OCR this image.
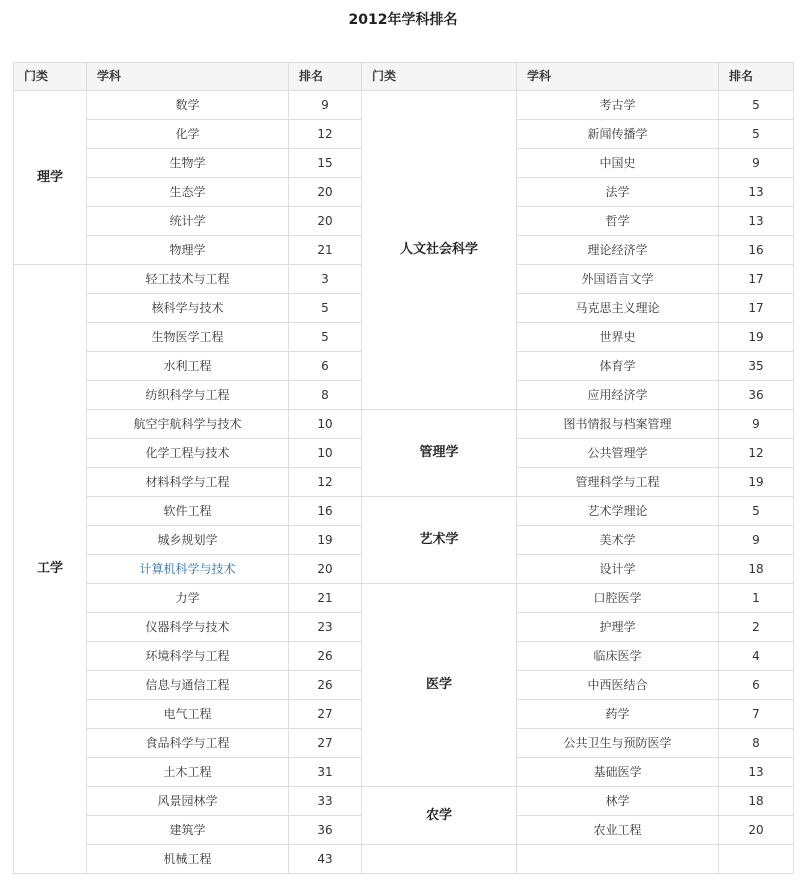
2012年学科排名
门类	学科	排名	门类	学科	排名
理学	数学	9	人文社会科学	考古学	5
	化学	12		新闻传播学	5
	生物学	15		中国史	9
	生态学	20		法学	13
	统计学	20		哲学	13
	物理学	21		理论经济学	16
工学	轻工技术与工程	3		外国语言文学	17
	核科学与技术	5		马克思主义理论	17
	生物医学工程	5		世界史	19
	水利工程	6		体育学	35
	纺织科学与工程	8		应用经济学	36
	航空宇航科学与技术	10	管理学	图书情报与档案管理	9
	化学工程与技术	10		公共管理学	12
	材料科学与工程	12		管理科学与工程	19
	软件工程	16	艺术学	艺术学理论	5
	城乡规划学	19		美术学	9
	计算机科学与技术	20		设计学	18
	力学	21	医学	口腔医学	1
	仪器科学与技术	23		护理学	2
	环境科学与工程	26		临床医学	4
	信息与通信工程	26		中西医结合	6
	电气工程	27		药学	7
	食品科学与工程	27		公共卫生与预防医学	8
	土木工程	31		基础医学	13
	风景园林学	33	农学	林学	18
	建筑学	36		农业工程	20
	机械工程	43			
